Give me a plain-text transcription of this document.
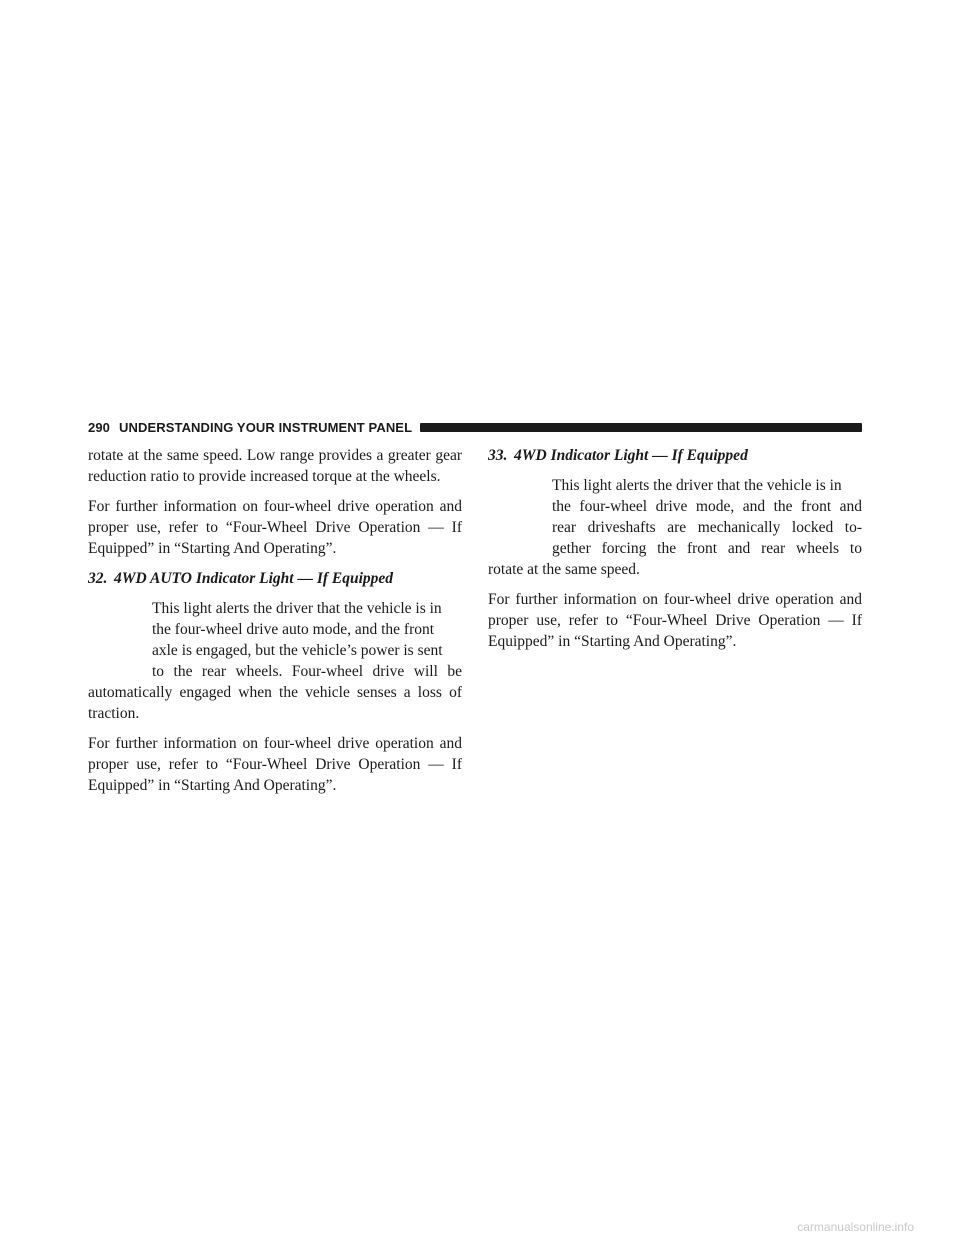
290 UNDERSTANDING YOUR INSTRUMENT PANEL

rotate at the same speed. Low range provides a greater gear reduction ratio to provide increased torque at the wheels.

For further information on four-wheel drive operation and proper use, refer to “Four-Wheel Drive Operation — If Equipped” in “Starting And Operating”.

32. 4WD AUTO Indicator Light — If Equipped

This light alerts the driver that the vehicle is in

the four-wheel drive auto mode, and the front

axle is engaged, but the vehicle’s power is sent

to the rear wheels. Four-wheel drive will be

automatically engaged when the vehicle senses a loss of traction.

For further information on four-wheel drive operation and proper use, refer to “Four-Wheel Drive Operation — If Equipped” in “Starting And Operating”.

33. 4WD Indicator Light — If Equipped

This light alerts the driver that the vehicle is in

the four-wheel drive mode, and the front and

rear driveshafts are mechanically locked to-

gether forcing the front and rear wheels to

rotate at the same speed.

For further information on four-wheel drive operation and proper use, refer to “Four-Wheel Drive Operation — If Equipped” in “Starting And Operating”.

carmanualsonline.info
